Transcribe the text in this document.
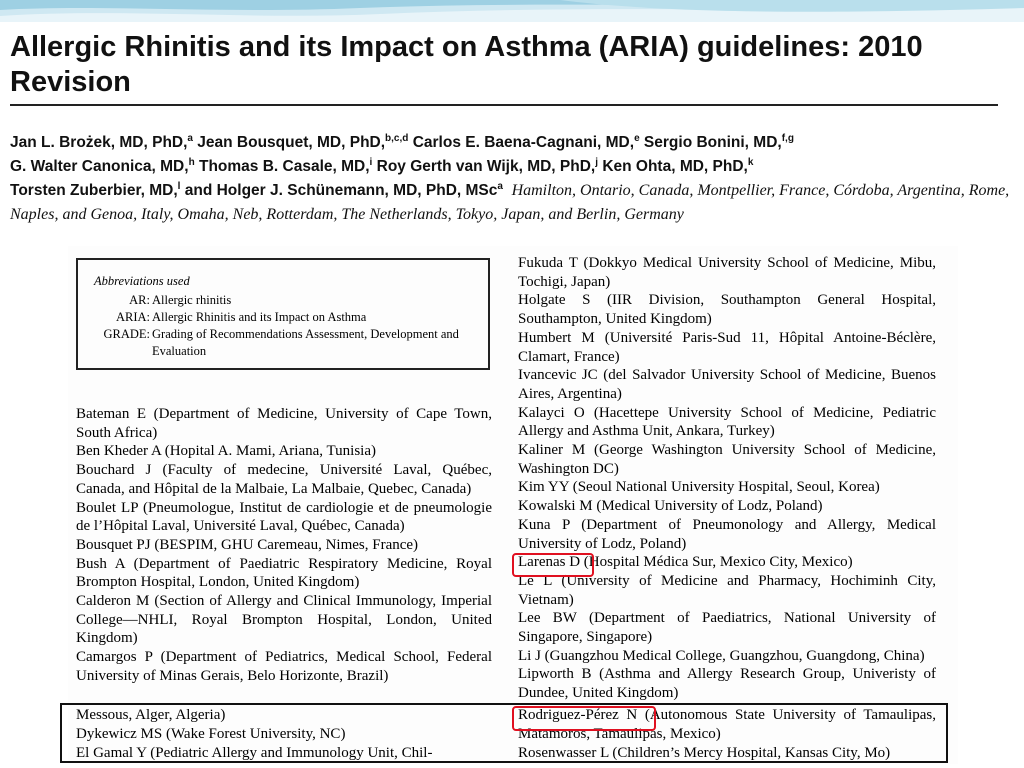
Allergic Rhinitis and its Impact on Asthma (ARIA) guidelines: 2010 Revision
Jan L. Brożek, MD, PhD,$^a$ Jean Bousquet, MD, PhD,$^{b,c,d}$ Carlos E. Baena-Cagnani, MD,$^e$ Sergio Bonini, MD,$^{f,g}$
G. Walter Canonica, MD,$^h$ Thomas B. Casale, MD,$^i$ Roy Gerth van Wijk, MD, PhD,$^j$ Ken Ohta, MD, PhD,$^k$
Torsten Zuberbier, MD,$^l$ and Holger J. Schünemann, MD, PhD, MSc$^a$ Hamilton, Ontario, Canada, Montpellier, France, Córdoba, Argentina, Rome, Naples, and Genoa, Italy, Omaha, Neb, Rotterdam, The Netherlands, Tokyo, Japan, and Berlin, Germany
Abbreviations used
AR: Allergic rhinitis
ARIA: Allergic Rhinitis and its Impact on Asthma
GRADE: Grading of Recommendations Assessment, Development and Evaluation

Bateman E (Department of Medicine, University of Cape Town, South Africa)

Ben Kheder A (Hopital A. Mami, Ariana, Tunisia)

Bouchard J (Faculty of medecine, Université Laval, Québec, Canada, and Hôpital de la Malbaie, La Malbaie, Quebec, Canada)

Boulet LP (Pneumologue, Institut de cardiologie et de pneumologie de l’Hôpital Laval, Université Laval, Québec, Canada)

Bousquet PJ (BESPIM, GHU Caremeau, Nimes, France)

Bush A (Department of Paediatric Respiratory Medicine, Royal Brompton Hospital, London, United Kingdom)

Calderon M (Section of Allergy and Clinical Immunology, Imperial College—NHLI, Royal Brompton Hospital, London, United Kingdom)

Camargos P (Department of Pediatrics, Medical School, Federal University of Minas Gerais, Belo Horizonte, Brazil)

Fukuda T (Dokkyo Medical University School of Medicine, Mibu, Tochigi, Japan)

Holgate S (IIR Division, Southampton General Hospital, Southampton, United Kingdom)

Humbert M (Université Paris-Sud 11, Hôpital Antoine-Béclère, Clamart, France)

Ivancevic JC (del Salvador University School of Medicine, Buenos Aires, Argentina)

Kalayci O (Hacettepe University School of Medicine, Pediatric Allergy and Asthma Unit, Ankara, Turkey)

Kaliner M (George Washington University School of Medicine, Washington DC)

Kim YY (Seoul National University Hospital, Seoul, Korea)

Kowalski M (Medical University of Lodz, Poland)

Kuna P (Department of Pneumonology and Allergy, Medical University of Lodz, Poland)

Larenas D (Hospital Médica Sur, Mexico City, Mexico)

Le L (University of Medicine and Pharmacy, Hochiminh City, Vietnam)

Lee BW (Department of Paediatrics, National University of Singapore, Singapore)

Li J (Guangzhou Medical College, Guangzhou, Guangdong, China)

Lipworth B (Asthma and Allergy Research Group, Univeristy of Dundee, United Kingdom)

Messous, Alger, Algeria)

Dykewicz MS (Wake Forest University, NC)

El Gamal Y (Pediatric Allergy and Immunology Unit, Chil-

Rodriguez-Pérez N (Autonomous State University of Tamaulipas, Matamoros, Tamaulipas, Mexico)

Rosenwasser L (Children’s Mercy Hospital, Kansas City, Mo)
